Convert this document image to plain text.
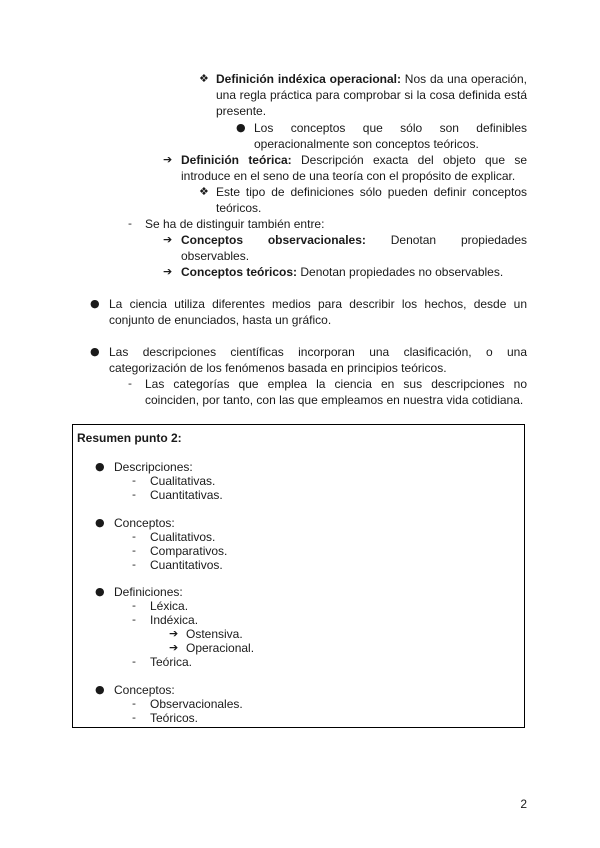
❖ Definición indéxica operacional: Nos da una operación, una regla práctica para comprobar si la cosa definida está presente.

● Los conceptos que sólo son definibles operacionalmente son conceptos teóricos.

➔ Definición teórica: Descripción exacta del objeto que se introduce en el seno de una teoría con el propósito de explicar.

❖ Este tipo de definiciones sólo pueden definir conceptos teóricos.

- Se ha de distinguir también entre:

➔ Conceptos observacionales: Denotan propiedades observables.

➔ Conceptos teóricos: Denotan propiedades no observables.

● La ciencia utiliza diferentes medios para describir los hechos, desde un conjunto de enunciados, hasta un gráfico.

● Las descripciones científicas incorporan una clasificación, o una categorización de los fenómenos basada en principios teóricos.

- Las categorías que emplea la ciencia en sus descripciones no coinciden, por tanto, con las que empleamos en nuestra vida cotidiana.

Resumen punto 2:
● Descripciones:
- Cualitativas.
- Cuantitativas.
● Conceptos:
- Cualitativos.
- Comparativos.
- Cuantitativos.
● Definiciones:
- Léxica.
- Indéxica.
➔ Ostensiva.
➔ Operacional.
- Teórica.
● Conceptos:
- Observacionales.
- Teóricos.
2
